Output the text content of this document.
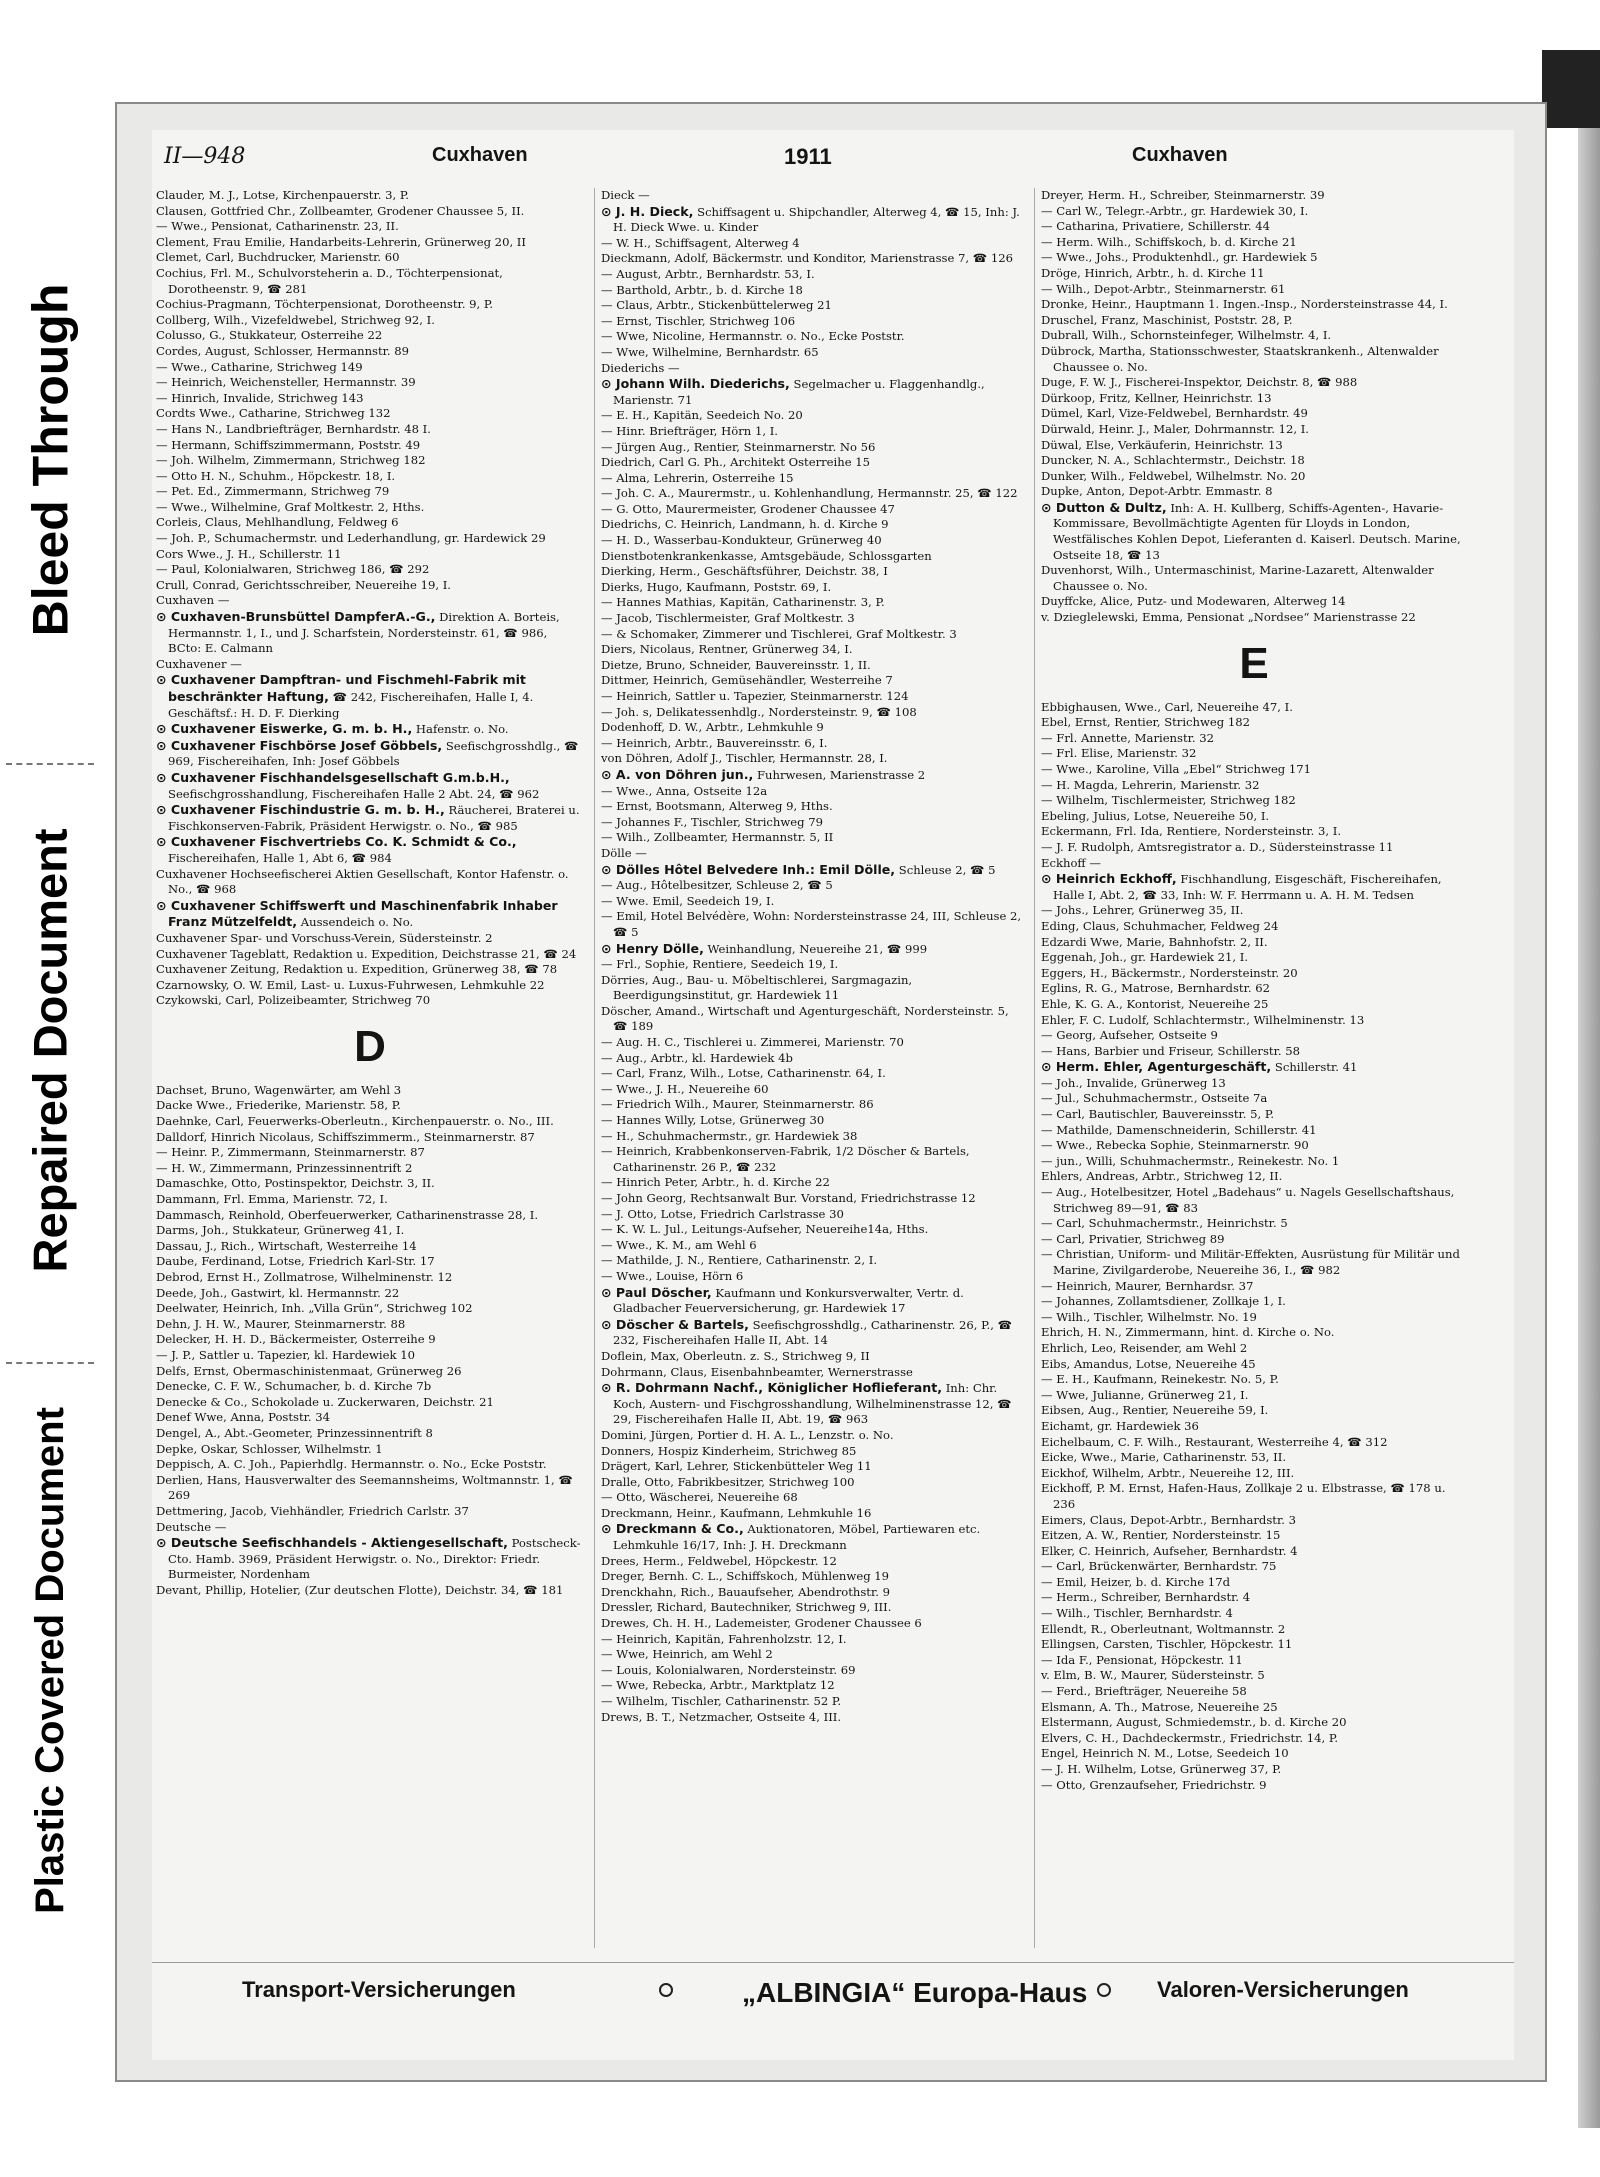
Bleed Through
Repaired Document
Plastic Covered Document
II—948	Cuxhaven	1911	Cuxhaven

Clauder, M. J., Lotse, Kirchenpauerstr. 3, P.

Clausen, Gottfried Chr., Zollbeamter, Grodener Chaussee 5, II.

— Wwe., Pensionat, Catharinenstr. 23, II.

Clement, Frau Emilie, Handarbeits-Lehrerin, Grünerweg 20, II

Clemet, Carl, Buchdrucker, Marienstr. 60

Cochius, Frl. M., Schulvorsteherin a. D., Töchterpensionat, Dorotheenstr. 9, ☎ 281

Cochius-Pragmann, Töchterpensionat, Dorotheenstr. 9, P.

Collberg, Wilh., Vizefeldwebel, Strichweg 92, I.

Colusso, G., Stukkateur, Osterreihe 22

Cordes, August, Schlosser, Hermannstr. 89

— Wwe., Catharine, Strichweg 149

— Heinrich, Weichensteller, Hermannstr. 39

— Hinrich, Invalide, Strichweg 143

Cordts Wwe., Catharine, Strichweg 132

— Hans N., Landbriefträger, Bernhardstr. 48 I.

— Hermann, Schiffszimmermann, Poststr. 49

— Joh. Wilhelm, Zimmermann, Strichweg 182

— Otto H. N., Schuhm., Höpckestr. 18, I.

— Pet. Ed., Zimmermann, Strichweg 79

— Wwe., Wilhelmine, Graf Moltkestr. 2, Hths.

Corleis, Claus, Mehlhandlung, Feldweg 6

— Joh. P., Schumachermstr. und Lederhandlung, gr. Hardewick 29

Cors Wwe., J. H., Schillerstr. 11

— Paul, Kolonialwaren, Strichweg 186, ☎ 292

Crull, Conrad, Gerichtsschreiber, Neuereihe 19, I.

Cuxhaven —

⊙ Cuxhaven-Brunsbüttel DampferA.-G., Direktion A. Borteis, Hermannstr. 1, I., und J. Scharfstein, Nordersteinstr. 61, ☎ 986, BCto: E. Calmann

Cuxhavener —

⊙ Cuxhavener Dampftran- und Fischmehl-Fabrik mit beschränkter Haftung, ☎ 242, Fischereihafen, Halle I, 4. Geschäftsf.: H. D. F. Dierking

⊙ Cuxhavener Eiswerke, G. m. b. H., Hafenstr. o. No.

⊙ Cuxhavener Fischbörse Josef Göbbels, Seefischgrosshdlg., ☎ 969, Fischereihafen, Inh: Josef Göbbels

⊙ Cuxhavener Fischhandelsgesellschaft G.m.b.H., Seefischgrosshandlung, Fischereihafen Halle 2 Abt. 24, ☎ 962

⊙ Cuxhavener Fischindustrie G. m. b. H., Räucherei, Braterei u. Fischkonserven-Fabrik, Präsident Herwigstr. o. No., ☎ 985

⊙ Cuxhavener Fischvertriebs Co. K. Schmidt & Co., Fischereihafen, Halle 1, Abt 6, ☎ 984

Cuxhavener Hochseefischerei Aktien Gesellschaft, Kontor Hafenstr. o. No., ☎ 968

⊙ Cuxhavener Schiffswerft und Maschinenfabrik Inhaber Franz Mützelfeldt, Aussendeich o. No.

Cuxhavener Spar- und Vorschuss-Verein, Südersteinstr. 2

Cuxhavener Tageblatt, Redaktion u. Expedition, Deichstrasse 21, ☎ 24

Cuxhavener Zeitung, Redaktion u. Expedition, Grünerweg 38, ☎ 78

Czarnowsky, O. W. Emil, Last- u. Luxus-Fuhrwesen, Lehmkuhle 22

Czykowski, Carl, Polizeibeamter, Strichweg 70

D

Dachset, Bruno, Wagenwärter, am Wehl 3

Dacke Wwe., Friederike, Marienstr. 58, P.

Daehnke, Carl, Feuerwerks-Oberleutn., Kirchenpauerstr. o. No., III.

Dalldorf, Hinrich Nicolaus, Schiffszimmerm., Steinmarnerstr. 87

— Heinr. P., Zimmermann, Steinmarnerstr. 87

— H. W., Zimmermann, Prinzessinnentrift 2

Damaschke, Otto, Postinspektor, Deichstr. 3, II.

Dammann, Frl. Emma, Marienstr. 72, I.

Dammasch, Reinhold, Oberfeuerwerker, Catharinenstrasse 28, I.

Darms, Joh., Stukkateur, Grünerweg 41, I.

Dassau, J., Rich., Wirtschaft, Westerreihe 14

Daube, Ferdinand, Lotse, Friedrich Karl-Str. 17

Debrod, Ernst H., Zollmatrose, Wilhelminenstr. 12

Deede, Joh., Gastwirt, kl. Hermannstr. 22

Deelwater, Heinrich, Inh. „Villa Grün“, Strichweg 102

Dehn, J. H. W., Maurer, Steinmarnerstr. 88

Delecker, H. H. D., Bäckermeister, Osterreihe 9

— J. P., Sattler u. Tapezier, kl. Hardewiek 10

Delfs, Ernst, Obermaschinistenmaat, Grünerweg 26

Denecke, C. F. W., Schumacher, b. d. Kirche 7b

Denecke & Co., Schokolade u. Zuckerwaren, Deichstr. 21

Denef Wwe, Anna, Poststr. 34

Dengel, A., Abt.-Geometer, Prinzessinnentrift 8

Depke, Oskar, Schlosser, Wilhelmstr. 1

Deppisch, A. C. Joh., Papierhdlg. Hermannstr. o. No., Ecke Poststr.

Derlien, Hans, Hausverwalter des Seemannsheims, Woltmannstr. 1, ☎ 269

Dettmering, Jacob, Viehhändler, Friedrich Carlstr. 37

Deutsche —

⊙ Deutsche Seefischhandels - Aktiengesellschaft, Postscheck-Cto. Hamb. 3969, Präsident Herwigstr. o. No., Direktor: Friedr. Burmeister, Nordenham

Devant, Phillip, Hotelier, (Zur deutschen Flotte), Deichstr. 34, ☎ 181

Dieck —

⊙ J. H. Dieck, Schiffsagent u. Shipchandler, Alterweg 4, ☎ 15, Inh: J. H. Dieck Wwe. u. Kinder

— W. H., Schiffsagent, Alterweg 4

Dieckmann, Adolf, Bäckermstr. und Konditor, Marienstrasse 7, ☎ 126

— August, Arbtr., Bernhardstr. 53, I.

— Barthold, Arbtr., b. d. Kirche 18

— Claus, Arbtr., Stickenbüttelerweg 21

— Ernst, Tischler, Strichweg 106

— Wwe, Nicoline, Hermannstr. o. No., Ecke Poststr.

— Wwe, Wilhelmine, Bernhardstr. 65

Diederichs —

⊙ Johann Wilh. Diederichs, Segelmacher u. Flaggenhandlg., Marienstr. 71

— E. H., Kapitän, Seedeich No. 20

— Hinr. Briefträger, Hörn 1, I.

— Jürgen Aug., Rentier, Steinmarnerstr. No 56

Diedrich, Carl G. Ph., Architekt Osterreihe 15

— Alma, Lehrerin, Osterreihe 15

— Joh. C. A., Maurermstr., u. Kohlenhandlung, Hermannstr. 25, ☎ 122

— G. Otto, Maurermeister, Grodener Chaussee 47

Diedrichs, C. Heinrich, Landmann, h. d. Kirche 9

— H. D., Wasserbau-Kondukteur, Grünerweg 40

Dienstbotenkrankenkasse, Amtsgebäude, Schlossgarten

Dierking, Herm., Geschäftsführer, Deichstr. 38, I

Dierks, Hugo, Kaufmann, Poststr. 69, I.

— Hannes Mathias, Kapitän, Catharinenstr. 3, P.

— Jacob, Tischlermeister, Graf Moltkestr. 3

— & Schomaker, Zimmerer und Tischlerei, Graf Moltkestr. 3

Diers, Nicolaus, Rentner, Grünerweg 34, I.

Dietze, Bruno, Schneider, Bauvereinsstr. 1, II.

Dittmer, Heinrich, Gemüsehändler, Westerreihe 7

— Heinrich, Sattler u. Tapezier, Steinmarnerstr. 124

— Joh. s, Delikatessenhdlg., Nordersteinstr. 9, ☎ 108

Dodenhoff, D. W., Arbtr., Lehmkuhle 9

— Heinrich, Arbtr., Bauvereinsstr. 6, I.

von Döhren, Adolf J., Tischler, Hermannstr. 28, I.

⊙ A. von Döhren jun., Fuhrwesen, Marienstrasse 2

— Wwe., Anna, Ostseite 12a

— Ernst, Bootsmann, Alterweg 9, Hths.

— Johannes F., Tischler, Strichweg 79

— Wilh., Zollbeamter, Hermannstr. 5, II

Dölle —

⊙ Dölles Hôtel Belvedere Inh.: Emil Dölle, Schleuse 2, ☎ 5

— Aug., Hôtelbesitzer, Schleuse 2, ☎ 5

— Wwe. Emil, Seedeich 19, I.

— Emil, Hotel Belvédère, Wohn: Nordersteinstrasse 24, III, Schleuse 2, ☎ 5

⊙ Henry Dölle, Weinhandlung, Neuereihe 21, ☎ 999

— Frl., Sophie, Rentiere, Seedeich 19, I.

Dörries, Aug., Bau- u. Möbeltischlerei, Sargmagazin, Beerdigungsinstitut, gr. Hardewiek 11

Döscher, Amand., Wirtschaft und Agenturgeschäft, Nordersteinstr. 5, ☎ 189

— Aug. H. C., Tischlerei u. Zimmerei, Marienstr. 70

— Aug., Arbtr., kl. Hardewiek 4b

— Carl, Franz, Wilh., Lotse, Catharinenstr. 64, I.

— Wwe., J. H., Neuereihe 60

— Friedrich Wilh., Maurer, Steinmarnerstr. 86

— Hannes Willy, Lotse, Grünerweg 30

— H., Schuhmachermstr., gr. Hardewiek 38

— Heinrich, Krabbenkonserven-Fabrik, 1/2 Döscher & Bartels, Catharinenstr. 26 P., ☎ 232

— Hinrich Peter, Arbtr., h. d. Kirche 22

— John Georg, Rechtsanwalt Bur. Vorstand, Friedrichstrasse 12

— J. Otto, Lotse, Friedrich Carlstrasse 30

— K. W. L. Jul., Leitungs-Aufseher, Neuereihe14a, Hths.

— Wwe., K. M., am Wehl 6

— Mathilde, J. N., Rentiere, Catharinenstr. 2, I.

— Wwe., Louise, Hörn 6

⊙ Paul Döscher, Kaufmann und Konkursverwalter, Vertr. d. Gladbacher Feuerversicherung, gr. Hardewiek 17

⊙ Döscher & Bartels, Seefischgrosshdlg., Catharinenstr. 26, P., ☎ 232, Fischereihafen Halle II, Abt. 14

Doflein, Max, Oberleutn. z. S., Strichweg 9, II

Dohrmann, Claus, Eisenbahnbeamter, Wernerstrasse

⊙ R. Dohrmann Nachf., Königlicher Hoflieferant, Inh: Chr. Koch, Austern- und Fischgrosshandlung, Wilhelminenstrasse 12, ☎ 29, Fischereihafen Halle II, Abt. 19, ☎ 963

Domini, Jürgen, Portier d. H. A. L., Lenzstr. o. No.

Donners, Hospiz Kinderheim, Strichweg 85

Drägert, Karl, Lehrer, Stickenbütteler Weg 11

Dralle, Otto, Fabrikbesitzer, Strichweg 100

— Otto, Wäscherei, Neuereihe 68

Dreckmann, Heinr., Kaufmann, Lehmkuhle 16

⊙ Dreckmann & Co., Auktionatoren, Möbel, Partiewaren etc. Lehmkuhle 16/17, Inh: J. H. Dreckmann

Drees, Herm., Feldwebel, Höpckestr. 12

Dreger, Bernh. C. L., Schiffskoch, Mühlenweg 19

Drenckhahn, Rich., Bauaufseher, Abendrothstr. 9

Dressler, Richard, Bautechniker, Strichweg 9, III.

Drewes, Ch. H. H., Lademeister, Grodener Chaussee 6

— Heinrich, Kapitän, Fahrenholzstr. 12, I.

— Wwe, Heinrich, am Wehl 2

— Louis, Kolonialwaren, Nordersteinstr. 69

— Wwe, Rebecka, Arbtr., Marktplatz 12

— Wilhelm, Tischler, Catharinenstr. 52 P.

Drews, B. T., Netzmacher, Ostseite 4, III.

Dreyer, Herm. H., Schreiber, Steinmarnerstr. 39

— Carl W., Telegr.-Arbtr., gr. Hardewiek 30, I.

— Catharina, Privatiere, Schillerstr. 44

— Herm. Wilh., Schiffskoch, b. d. Kirche 21

— Wwe., Johs., Produktenhdl., gr. Hardewiek 5

Dröge, Hinrich, Arbtr., h. d. Kirche 11

— Wilh., Depot-Arbtr., Steinmarnerstr. 61

Dronke, Heinr., Hauptmann 1. Ingen.-Insp., Nordersteinstrasse 44, I.

Druschel, Franz, Maschinist, Poststr. 28, P.

Dubrall, Wilh., Schornsteinfeger, Wilhelmstr. 4, I.

Dübrock, Martha, Stationsschwester, Staatskrankenh., Altenwalder Chaussee o. No.

Duge, F. W. J., Fischerei-Inspektor, Deichstr. 8, ☎ 988

Dürkoop, Fritz, Kellner, Heinrichstr. 13

Dümel, Karl, Vize-Feldwebel, Bernhardstr. 49

Dürwald, Heinr. J., Maler, Dohrmannstr. 12, I.

Düwal, Else, Verkäuferin, Heinrichstr. 13

Duncker, N. A., Schlachtermstr., Deichstr. 18

Dunker, Wilh., Feldwebel, Wilhelmstr. No. 20

Dupke, Anton, Depot-Arbtr. Emmastr. 8

⊙ Dutton & Dultz, Inh: A. H. Kullberg, Schiffs-Agenten-, Havarie-Kommissare, Bevollmächtigte Agenten für Lloyds in London, Westfälisches Kohlen Depot, Lieferanten d. Kaiserl. Deutsch. Marine, Ostseite 18, ☎ 13

Duvenhorst, Wilh., Untermaschinist, Marine-Lazarett, Altenwalder Chaussee o. No.

Duyffcke, Alice, Putz- und Modewaren, Alterweg 14

v. Dzieglelewski, Emma, Pensionat „Nordsee“ Marienstrasse 22

E

Ebbighausen, Wwe., Carl, Neuereihe 47, I.

Ebel, Ernst, Rentier, Strichweg 182

— Frl. Annette, Marienstr. 32

— Frl. Elise, Marienstr. 32

— Wwe., Karoline, Villa „Ebel“ Strichweg 171

— H. Magda, Lehrerin, Marienstr. 32

— Wilhelm, Tischlermeister, Strichweg 182

Ebeling, Julius, Lotse, Neuereihe 50, I.

Eckermann, Frl. Ida, Rentiere, Nordersteinstr. 3, I.

— J. F. Rudolph, Amtsregistrator a. D., Südersteinstrasse 11

Eckhoff —

⊙ Heinrich Eckhoff, Fischhandlung, Eisgeschäft, Fischereihafen, Halle I, Abt. 2, ☎ 33, Inh: W. F. Herrmann u. A. H. M. Tedsen

— Johs., Lehrer, Grünerweg 35, II.

Eding, Claus, Schuhmacher, Feldweg 24

Edzardi Wwe, Marie, Bahnhofstr. 2, II.

Eggenah, Joh., gr. Hardewiek 21, I.

Eggers, H., Bäckermstr., Nordersteinstr. 20

Eglins, R. G., Matrose, Bernhardstr. 62

Ehle, K. G. A., Kontorist, Neuereihe 25

Ehler, F. C. Ludolf, Schlachtermstr., Wilhelminenstr. 13

— Georg, Aufseher, Ostseite 9

— Hans, Barbier und Friseur, Schillerstr. 58

⊙ Herm. Ehler, Agenturgeschäft, Schillerstr. 41

— Joh., Invalide, Grünerweg 13

— Jul., Schuhmachermstr., Ostseite 7a

— Carl, Bautischler, Bauvereinsstr. 5, P.

— Mathilde, Damenschneiderin, Schillerstr. 41

— Wwe., Rebecka Sophie, Steinmarnerstr. 90

— jun., Willi, Schuhmachermstr., Reinekestr. No. 1

Ehlers, Andreas, Arbtr., Strichweg 12, II.

— Aug., Hotelbesitzer, Hotel „Badehaus“ u. Nagels Gesellschaftshaus, Strichweg 89—91, ☎ 83

— Carl, Schuhmachermstr., Heinrichstr. 5

— Carl, Privatier, Strichweg 89

— Christian, Uniform- und Militär-Effekten, Ausrüstung für Militär und Marine, Zivilgarderobe, Neuereihe 36, I., ☎ 982

— Heinrich, Maurer, Bernhardsr. 37

— Johannes, Zollamtsdiener, Zollkaje 1, I.

— Wilh., Tischler, Wilhelmstr. No. 19

Ehrich, H. N., Zimmermann, hint. d. Kirche o. No.

Ehrlich, Leo, Reisender, am Wehl 2

Eibs, Amandus, Lotse, Neuereihe 45

— E. H., Kaufmann, Reinekestr. No. 5, P.

— Wwe, Julianne, Grünerweg 21, I.

Eibsen, Aug., Rentier, Neuereihe 59, I.

Eichamt, gr. Hardewiek 36

Eichelbaum, C. F. Wilh., Restaurant, Westerreihe 4, ☎ 312

Eicke, Wwe., Marie, Catharinenstr. 53, II.

Eickhof, Wilhelm, Arbtr., Neuereihe 12, III.

Eickhoff, P. M. Ernst, Hafen-Haus, Zollkaje 2 u. Elbstrasse, ☎ 178 u. 236

Eimers, Claus, Depot-Arbtr., Bernhardstr. 3

Eitzen, A. W., Rentier, Nordersteinstr. 15

Elker, C. Heinrich, Aufseher, Bernhardstr. 4

— Carl, Brückenwärter, Bernhardstr. 75

— Emil, Heizer, b. d. Kirche 17d

— Herm., Schreiber, Bernhardstr. 4

— Wilh., Tischler, Bernhardstr. 4

Ellendt, R., Oberleutnant, Woltmannstr. 2

Ellingsen, Carsten, Tischler, Höpckestr. 11

— Ida F., Pensionat, Höpckestr. 11

v. Elm, B. W., Maurer, Südersteinstr. 5

— Ferd., Briefträger, Neuereihe 58

Elsmann, A. Th., Matrose, Neuereihe 25

Elstermann, August, Schmiedemstr., b. d. Kirche 20

Elvers, C. H., Dachdeckermstr., Friedrichstr. 14, P.

Engel, Heinrich N. M., Lotse, Seedeich 10

— J. H. Wilhelm, Lotse, Grünerweg 37, P.

— Otto, Grenzaufseher, Friedrichstr. 9

Transport-Versicherungen	„ALBINGIA“ Europa-Haus	Valoren-Versicherungen
